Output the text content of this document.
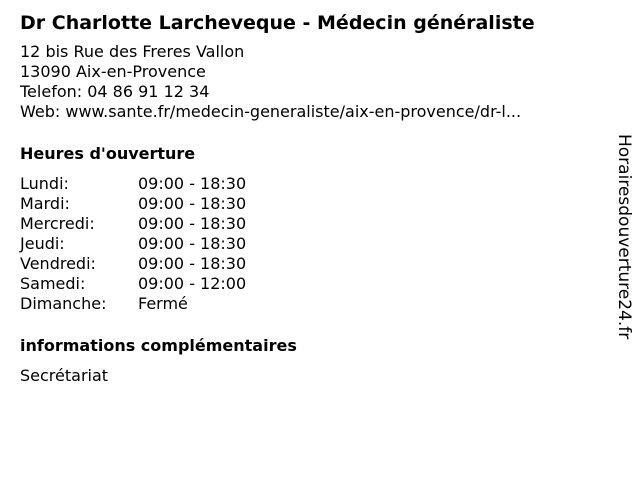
Dr Charlotte Larcheveque - Médecin généraliste
12 bis Rue des Freres Vallon
13090 Aix-en-Provence
Telefon: 04 86 91 12 34
Web: www.sante.fr/medecin-generaliste/aix-en-provence/dr-l...
Heures d'ouverture
Lundi:	09:00 - 18:30
Mardi:	09:00 - 18:30
Mercredi:	09:00 - 18:30
Jeudi:	09:00 - 18:30
Vendredi:	09:00 - 18:30
Samedi:	09:00 - 12:00
Dimanche:	Fermé
informations complémentaires
Secrétariat
Horairesdouverture24.fr
